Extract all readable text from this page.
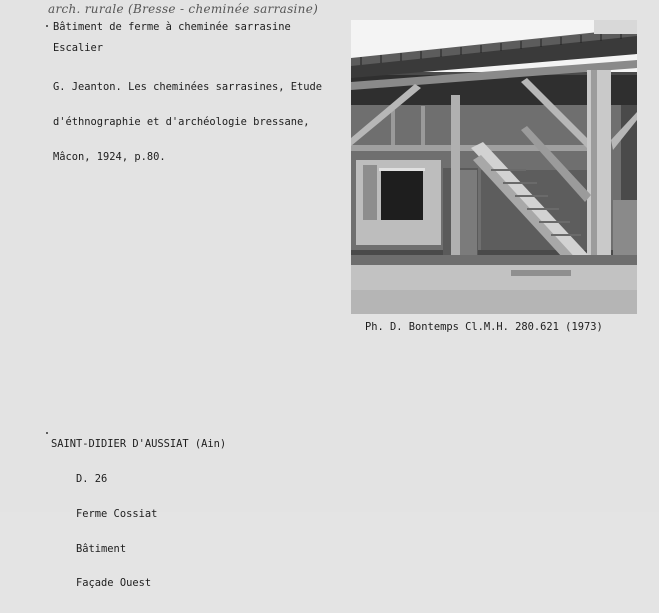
arch. rurale (Bresse - cheminée sarrasine)
Bâtiment de ferme à cheminée sarrasine
Escalier

G. Jeanton. Les cheminées sarrasines, Etude

d'éthnographie et d'archéologie bressane,

Mâcon, 1924, p.80.

Ph. D. Bontemps Cl.M.H. 280.621 (1973)

SAINT-DIDIER D'AUSSIAT (Ain)

D. 26

Ferme Cossiat

Bâtiment

Façade Ouest
